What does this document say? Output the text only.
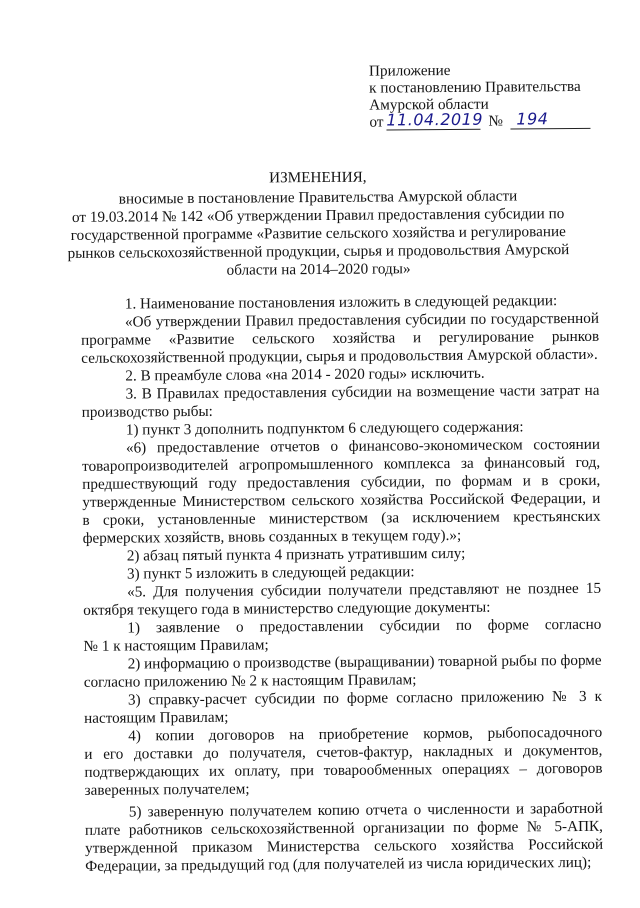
Приложение
к постановлению Правительства
Амурской области
от 11.04.2019 № 194
ИЗМЕНЕНИЯ,
вносимые в постановление Правительства Амурской области
от 19.03.2014 № 142 «Об утверждении Правил предоставления субсидии по
государственной программе «Развитие сельского хозяйства и регулирование
рынков сельскохозяйственной продукции, сырья и продовольствия Амурской
области на 2014–2020 годы»
1. Наименование постановления изложить в следующей редакции:
«Об утверждении Правил предоставления субсидии по государственной
программе «Развитие сельского хозяйства и регулирование рынков
сельскохозяйственной продукции, сырья и продовольствия Амурской области».
2. В преамбуле слова «на 2014 - 2020 годы» исключить.
3. В Правилах предоставления субсидии на возмещение части затрат на
производство рыбы:
1) пункт 3 дополнить подпунктом 6 следующего содержания:
«6) предоставление отчетов о финансово-экономическом состоянии
товаропроизводителей агропромышленного комплекса за финансовый год,
предшествующий году предоставления субсидии, по формам и в сроки,
утвержденные Министерством сельского хозяйства Российской Федерации, и
в сроки, установленные министерством (за исключением крестьянских
фермерских хозяйств, вновь созданных в текущем году).»;
2) абзац пятый пункта 4 признать утратившим силу;
3) пункт 5 изложить в следующей редакции:
«5. Для получения субсидии получатели представляют не позднее 15
октября текущего года в министерство следующие документы:
1) заявление о предоставлении субсидии по форме согласно
№ 1 к настоящим Правилам;
2) информацию о производстве (выращивании) товарной рыбы по форме
согласно приложению № 2 к настоящим Правилам;
3) справку-расчет субсидии по форме согласно приложению № 3 к
настоящим Правилам;
4) копии договоров на приобретение кормов, рыбопосадочного
и его доставки до получателя, счетов-фактур, накладных и документов,
подтверждающих их оплату, при товарообменных операциях – договоров
заверенных получателем;
5) заверенную получателем копию отчета о численности и заработной
плате работников сельскохозяйственной организации по форме № 5-АПК,
утвержденной приказом Министерства сельского хозяйства Российской
Федерации, за предыдущий год (для получателей из числа юридических лиц);
